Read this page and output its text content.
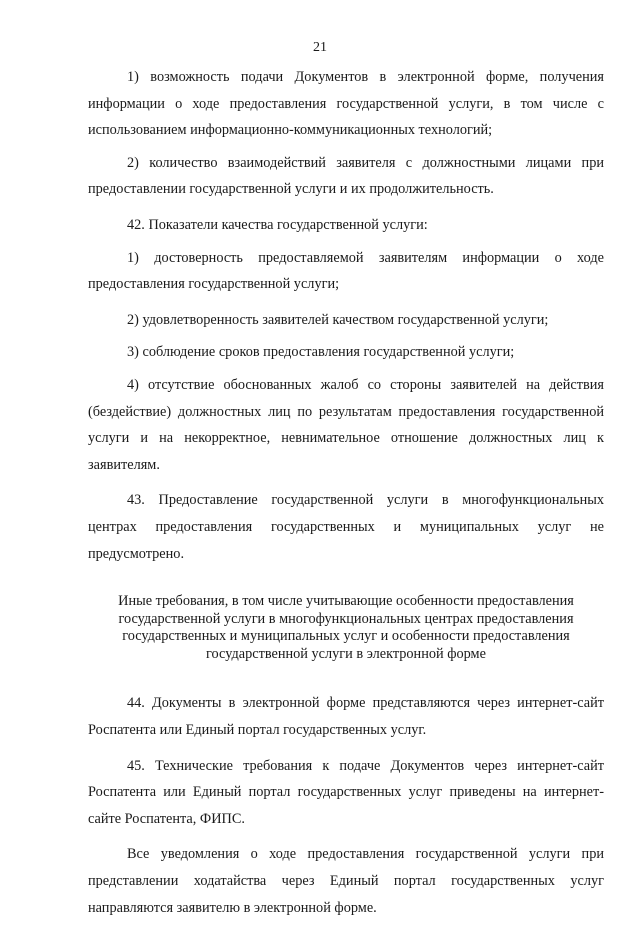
21

1) возможность подачи Документов в электронной форме, получения информации о ходе предоставления государственной услуги, в том числе с использованием информационно-коммуникационных технологий;

2) количество взаимодействий заявителя с должностными лицами при предоставлении государственной услуги и их продолжительность.

42. Показатели качества государственной услуги:

1) достоверность предоставляемой заявителям информации о ходе предоставления государственной услуги;

2) удовлетворенность заявителей качеством государственной услуги;

3) соблюдение сроков предоставления государственной услуги;

4) отсутствие обоснованных жалоб со стороны заявителей на действия (бездействие) должностных лиц по результатам предоставления государственной услуги и на некорректное, невнимательное отношение должностных лиц к заявителям.

43. Предоставление государственной услуги в многофункциональных центрах предоставления государственных и муниципальных услуг не предусмотрено.

Иные требования, в том числе учитывающие особенности предоставления государственной услуги в многофункциональных центрах предоставления государственных и муниципальных услуг и особенности предоставления государственной услуги в электронной форме

44. Документы в электронной форме представляются через интернет-сайт Роспатента или Единый портал государственных услуг.

45. Технические требования к подаче Документов через интернет-сайт Роспатента или Единый портал государственных услуг приведены на интернет-сайте Роспатента, ФИПС.

Все уведомления о ходе предоставления государственной услуги при представлении ходатайства через Единый портал государственных услуг направляются заявителю в электронной форме.
